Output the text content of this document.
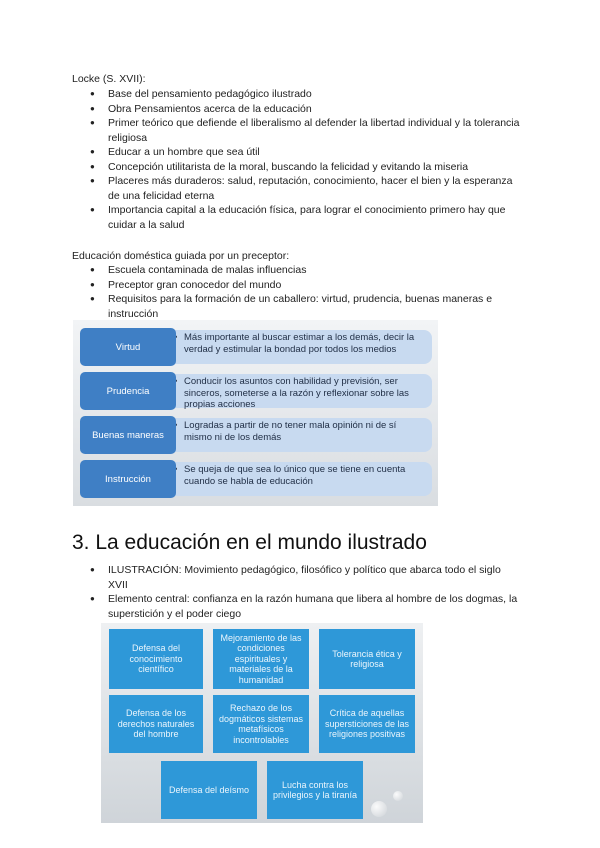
Locke (S. XVII):
● Base del pensamiento pedagógico ilustrado
● Obra Pensamientos acerca de la educación
● Primer teórico que defiende el liberalismo al defender la libertad individual y la tolerancia religiosa
● Educar a un hombre que sea útil
● Concepción utilitarista de la moral, buscando la felicidad y evitando la miseria
● Placeres más duraderos: salud, reputación, conocimiento, hacer el bien y la esperanza de una felicidad eterna
● Importancia capital a la educación física, para lograr el conocimiento primero hay que cuidar a la salud
Educación doméstica guiada por un preceptor:
● Escuela contaminada de malas influencias
● Preceptor gran conocedor del mundo
● Requisitos para la formación de un caballero: virtud, prudencia, buenas maneras e instrucción
• Más importante al buscar estimar a los demás, decir la verdad y estimular la bondad por todos los medios
Virtud
• Conducir los asuntos con habilidad y previsión, ser sinceros, someterse a la razón y reflexionar sobre las propias acciones
Prudencia
• Logradas a partir de no tener mala opinión ni de sí mismo ni de los demás
Buenas maneras
• Se queja de que sea lo único que se tiene en cuenta cuando se habla de educación
Instrucción
3. La educación en el mundo ilustrado
● ILUSTRACIÓN: Movimiento pedagógico, filosófico y político que abarca todo el siglo XVII
● Elemento central: confianza en la razón humana que libera al hombre de los dogmas, la superstición y el poder ciego
Defensa del conocimiento científico
Mejoramiento de las condiciones espirituales y materiales de la humanidad
Tolerancia ética y religiosa
Defensa de los derechos naturales del hombre
Rechazo de los dogmáticos sistemas metafísicos incontrolables
Crítica de aquellas supersticiones de las religiones positivas
Defensa del deísmo
Lucha contra los privilegios y la tiranía
